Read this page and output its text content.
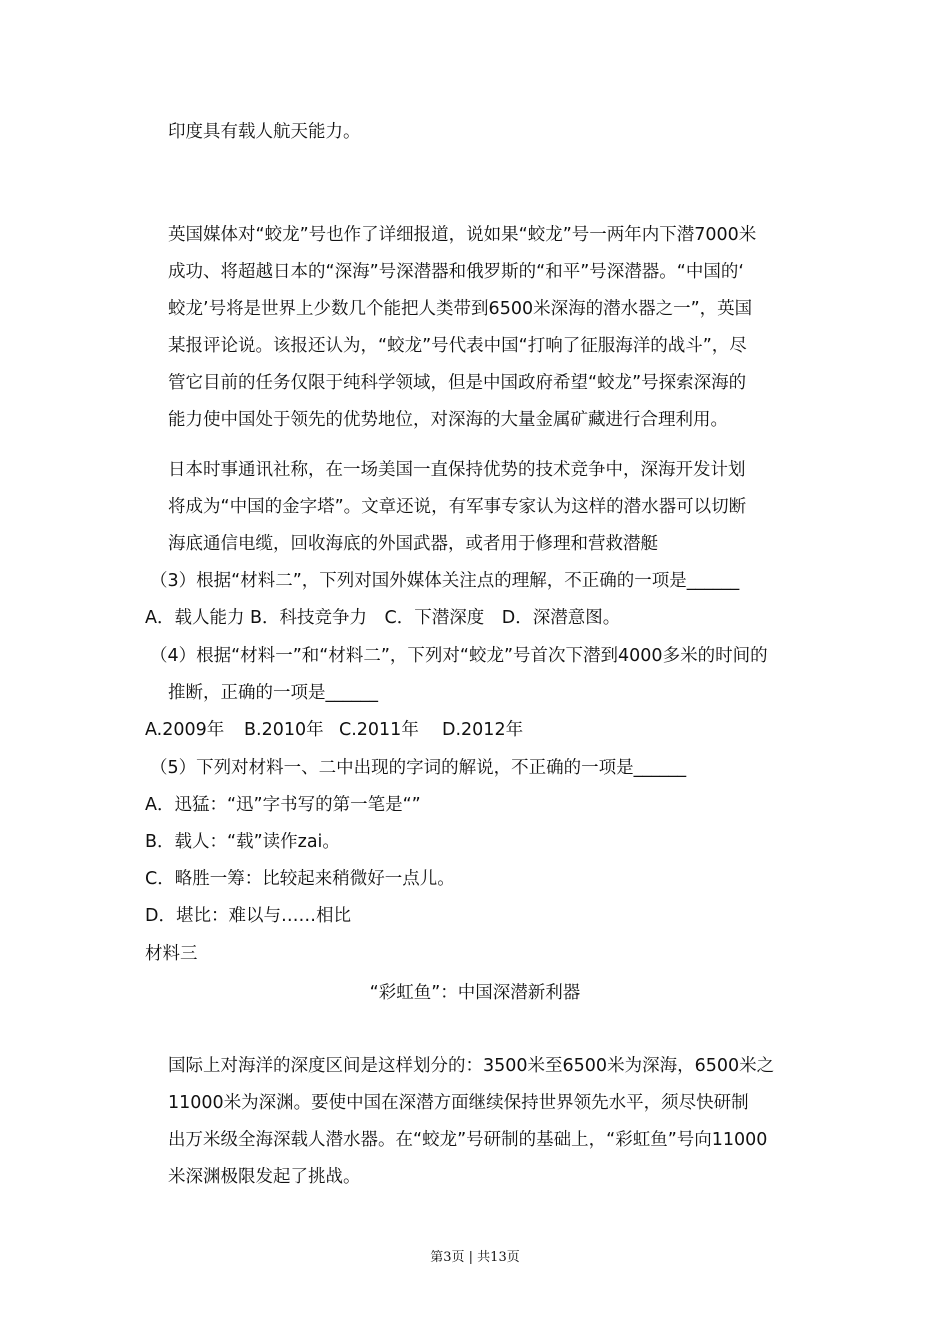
印度具有载人航天能力。
英国媒体对“蛟龙”号也作了详细报道，说如果“蛟龙”号一两年内下潜7000米
成功、将超越日本的“深海”号深潜器和俄罗斯的“和平”号深潜器。“中国的‘
蛟龙’号将是世界上少数几个能把人类带到6500米深海的潜水器之一”，英国
某报评论说。该报还认为，“蛟龙”号代表中国“打响了征服海洋的战斗”，尽
管它目前的任务仅限于纯科学领域，但是中国政府希望“蛟龙”号探索深海的
能力使中国处于领先的优势地位，对深海的大量金属矿藏进行合理利用。
日本时事通讯社称，在一场美国一直保持优势的技术竞争中，深海开发计划
将成为“中国的金字塔”。文章还说，有军事专家认为这样的潜水器可以切断
海底通信电缆，回收海底的外国武器，或者用于修理和营救潜艇
（3）根据“材料二”，下列对国外媒体关注点的理解，不正确的一项是______
A．载人能力 B．科技竞争力　C．下潜深度　D．深潜意图。
（4）根据“材料一”和“材料二”，下列对“蛟龙”号首次下潜到4000多米的时间的
推断，正确的一项是______
A.2009年 B.2010年 C.2011年 D.2012年
（5）下列对材料一、二中出现的字词的解说，不正确的一项是______
A．迅猛：“迅”字书写的第一笔是“”
B．载人：“载”读作zai。
C．略胜一筹：比较起来稍微好一点儿。
D．堪比：难以与……相比
材料三
“彩虹鱼”：中国深潜新利器
国际上对海洋的深度区间是这样划分的：3500米至6500米为深海，6500米之
11000米为深渊。要使中国在深潜方面继续保持世界领先水平，须尽快研制
出万米级全海深载人潜水器。在“蛟龙”号研制的基础上，“彩虹鱼”号向11000
米深渊极限发起了挑战。
第3页 | 共13页
